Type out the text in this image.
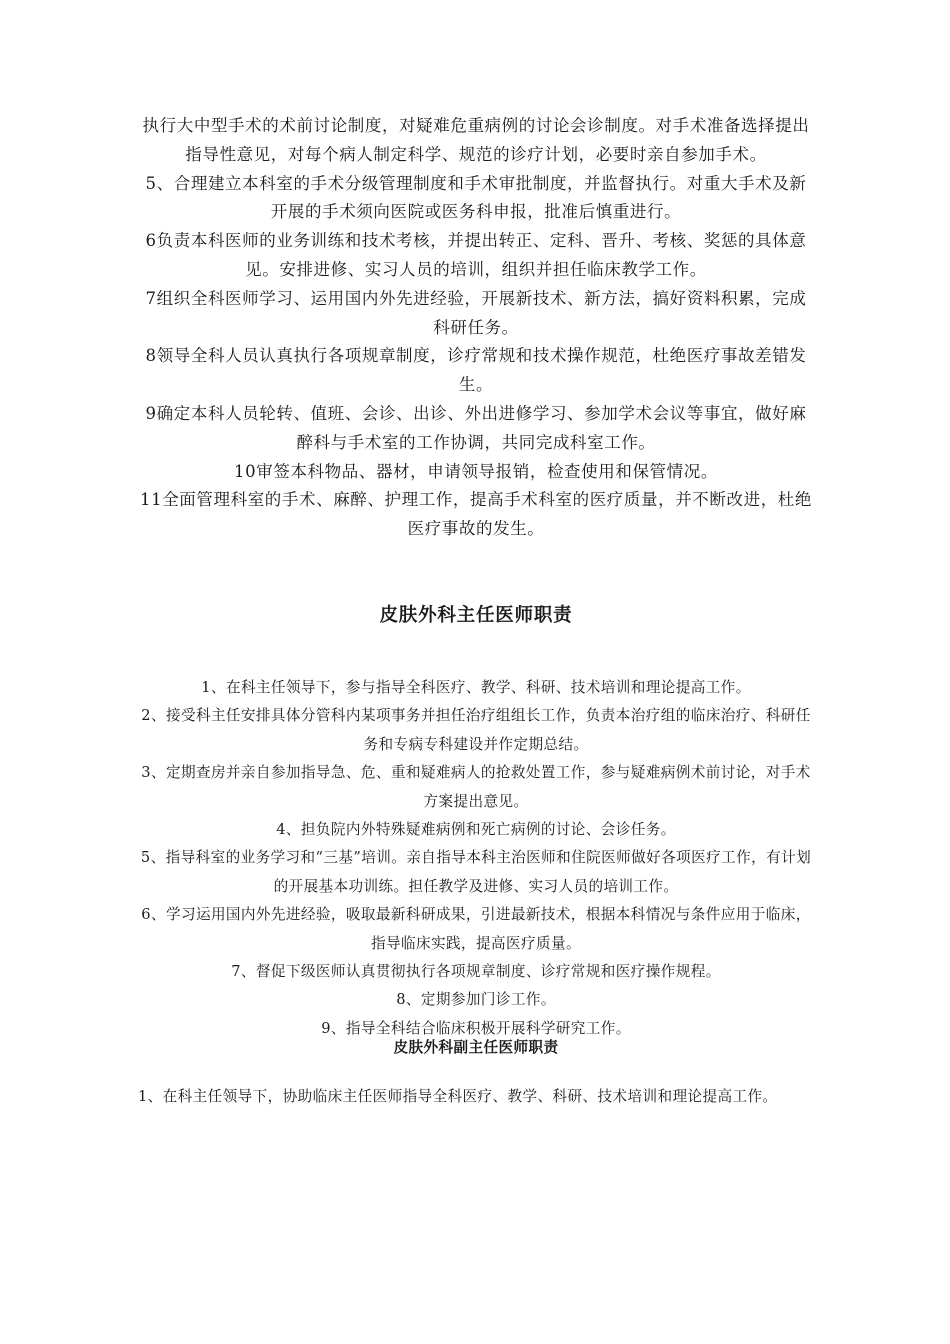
执行大中型手术的术前讨论制度，对疑难危重病例的讨论会诊制度。对手术准备选择提出指导性意见，对每个病人制定科学、规范的诊疗计划，必要时亲自参加手术。

5、合理建立本科室的手术分级管理制度和手术审批制度，并监督执行。对重大手术及新开展的手术须向医院或医务科申报，批准后慎重进行。

6负责本科医师的业务训练和技术考核，并提出转正、定科、晋升、考核、奖惩的具体意见。安排进修、实习人员的培训，组织并担任临床教学工作。

7组织全科医师学习、运用国内外先进经验，开展新技术、新方法，搞好资料积累，完成科研任务。

8领导全科人员认真执行各项规章制度，诊疗常规和技术操作规范，杜绝医疗事故差错发生。

9确定本科人员轮转、值班、会诊、出诊、外出进修学习、参加学术会议等事宜，做好麻醉科与手术室的工作协调，共同完成科室工作。

10审签本科物品、器材，申请领导报销，检查使用和保管情况。

11全面管理科室的手术、麻醉、护理工作，提高手术科室的医疗质量，并不断改进，杜绝医疗事故的发生。

皮肤外科主任医师职责

1、在科主任领导下，参与指导全科医疗、教学、科研、技术培训和理论提高工作。

2、接受科主任安排具体分管科内某项事务并担任治疗组组长工作，负责本治疗组的临床治疗、科研任务和专病专科建设并作定期总结。

3、定期查房并亲自参加指导急、危、重和疑难病人的抢救处置工作，参与疑难病例术前讨论，对手术方案提出意见。

4、担负院内外特殊疑难病例和死亡病例的讨论、会诊任务。

5、指导科室的业务学习和“三基”培训。亲自指导本科主治医师和住院医师做好各项医疗工作，有计划的开展基本功训练。担任教学及进修、实习人员的培训工作。

6、学习运用国内外先进经验，吸取最新科研成果，引进最新技术，根据本科情况与条件应用于临床，指导临床实践，提高医疗质量。

7、督促下级医师认真贯彻执行各项规章制度、诊疗常规和医疗操作规程。

8、定期参加门诊工作。

9、指导全科结合临床积极开展科学研究工作。

皮肤外科副主任医师职责

1、在科主任领导下，协助临床主任医师指导全科医疗、教学、科研、技术培训和理论提高工作。
